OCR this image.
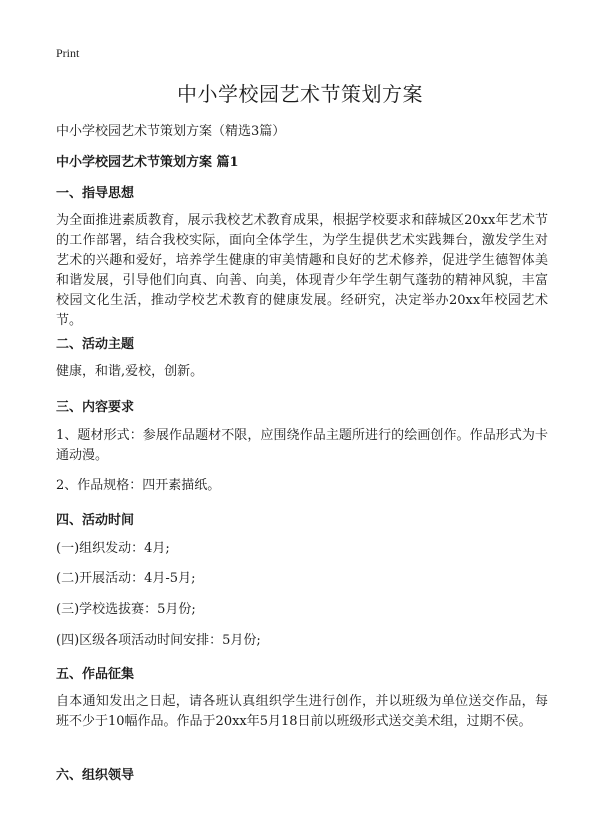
Print
中小学校园艺术节策划方案

中小学校园艺术节策划方案（精选3篇）

中小学校园艺术节策划方案 篇1

一、指导思想

为全面推进素质教育，展示我校艺术教育成果，根据学校要求和薛城区20xx年艺术节的工作部署，结合我校实际，面向全体学生，为学生提供艺术实践舞台，激发学生对艺术的兴趣和爱好，培养学生健康的审美情趣和良好的艺术修养，促进学生德智体美和谐发展，引导他们向真、向善、向美，体现青少年学生朝气蓬勃的精神风貌，丰富校园文化生活，推动学校艺术教育的健康发展。经研究，决定举办20xx年校园艺术节。

二、活动主题

健康，和谐,爱校，创新。

三、内容要求

1、题材形式：参展作品题材不限，应围绕作品主题所进行的绘画创作。作品形式为卡通动漫。

2、作品规格：四开素描纸。

四、活动时间

(一)组织发动：4月;

(二)开展活动：4月-5月;

(三)学校选拔赛：5月份;

(四)区级各项活动时间安排：5月份;

五、作品征集

自本通知发出之日起，请各班认真组织学生进行创作，并以班级为单位送交作品，每班不少于10幅作品。作品于20xx年5月18日前以班级形式送交美术组，过期不侯。

六、组织领导
